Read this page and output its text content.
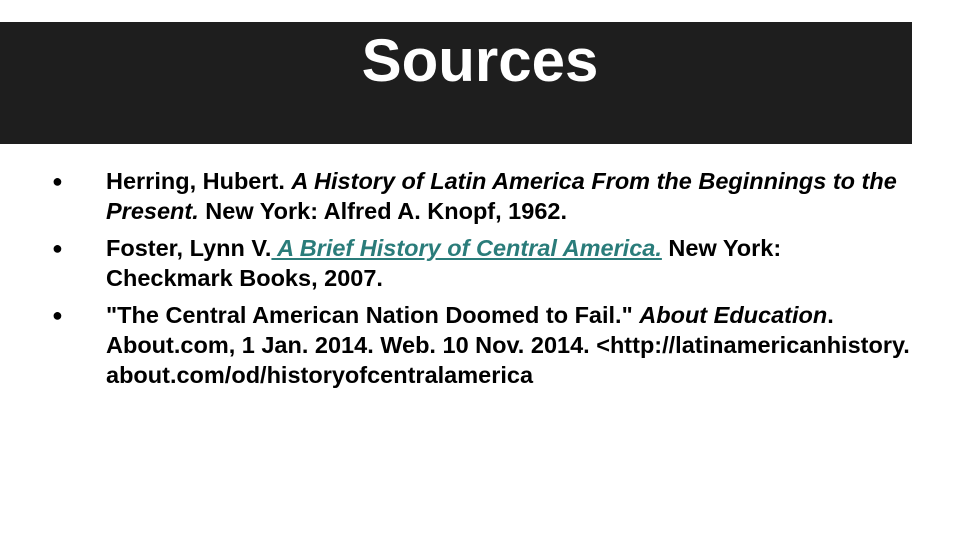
Sources
●	Herring, Hubert. A History of Latin America From the Beginnings to the Present. New York: Alfred A. Knopf, 1962.
●	Foster, Lynn V. A Brief History of Central America. New York: Checkmark Books, 2007.
●	"The Central American Nation Doomed to Fail." About Education. About.com, 1 Jan. 2014. Web. 10 Nov. 2014. <http://latinamericanhistory.about.com/od/historyofcentralamerica
